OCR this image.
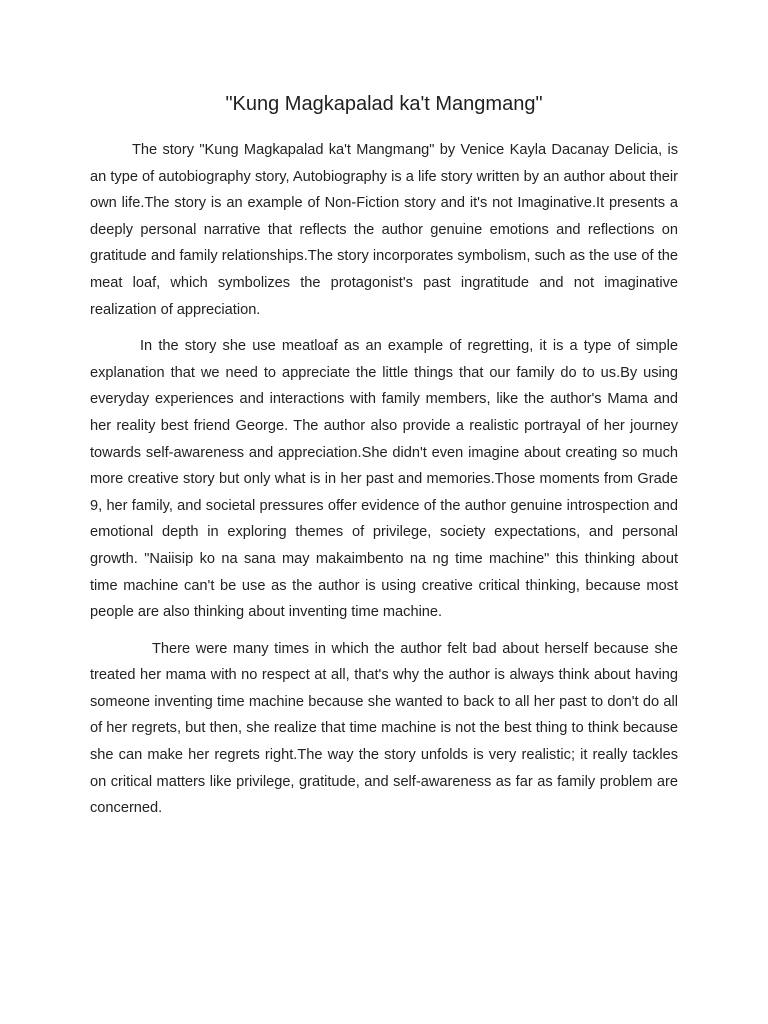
"Kung Magkapalad ka't Mangmang"

The story "Kung Magkapalad ka't Mangmang" by Venice Kayla Dacanay Delicia, is an type of autobiography story, Autobiography is a life story written by an author about their own life.The story is an example of Non-Fiction story and it's not Imaginative.It presents a deeply personal narrative that reflects the author genuine emotions and reflections on gratitude and family relationships.The story incorporates symbolism, such as the use of the meat loaf, which symbolizes the protagonist's past ingratitude and not imaginative realization of appreciation.

In the story she use meatloaf as an example of regretting, it is a type of simple explanation that we need to appreciate the little things that our family do to us.By using everyday experiences and interactions with family members, like the author's Mama and her reality best friend George. The author also provide a realistic portrayal of her journey towards self-awareness and appreciation.She didn't even imagine about creating so much more creative story but only what is in her past and memories.Those moments from Grade 9, her family, and societal pressures offer evidence of the author genuine introspection and emotional depth in exploring themes of privilege, society expectations, and personal growth. "Naiisip ko na sana may makaimbento na ng time machine" this thinking about time machine can't be use as the author is using creative critical thinking, because most people are also thinking about inventing time machine.

There were many times in which the author felt bad about herself because she treated her mama with no respect at all, that's why the author is always think about having someone inventing time machine because she wanted to back to all her past to don't do all of her regrets, but then, she realize that time machine is not the best thing to think because she can make her regrets right.The way the story unfolds is very realistic; it really tackles on critical matters like privilege, gratitude, and self-awareness as far as family problem are concerned.
